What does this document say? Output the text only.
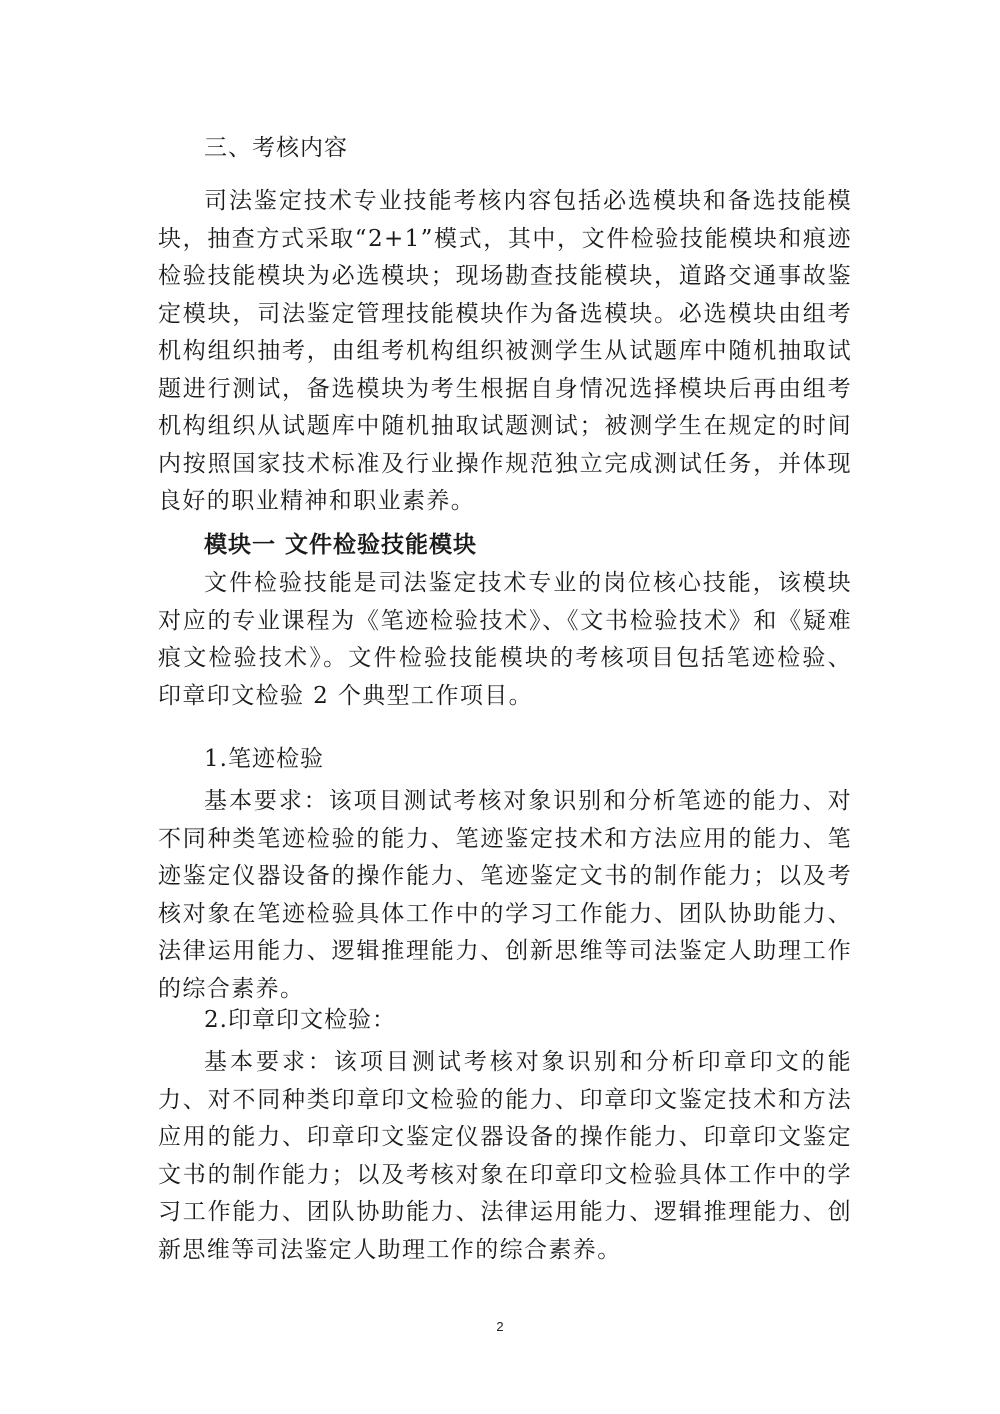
三、考核内容

司法鉴定技术专业技能考核内容包括必选模块和备选技能模块，抽查方式采取“2+1”模式，其中，文件检验技能模块和痕迹检验技能模块为必选模块；现场勘查技能模块，道路交通事故鉴定模块，司法鉴定管理技能模块作为备选模块。必选模块由组考机构组织抽考，由组考机构组织被测学生从试题库中随机抽取试题进行测试，备选模块为考生根据自身情况选择模块后再由组考机构组织从试题库中随机抽取试题测试；被测学生在规定的时间内按照国家技术标准及行业操作规范独立完成测试任务，并体现良好的职业精神和职业素养。

模块一 文件检验技能模块

文件检验技能是司法鉴定技术专业的岗位核心技能，该模块对应的专业课程为《笔迹检验技术》、《文书检验技术》和《疑难痕文检验技术》。文件检验技能模块的考核项目包括笔迹检验、印章印文检验 2 个典型工作项目。

1.笔迹检验

基本要求：该项目测试考核对象识别和分析笔迹的能力、对不同种类笔迹检验的能力、笔迹鉴定技术和方法应用的能力、笔迹鉴定仪器设备的操作能力、笔迹鉴定文书的制作能力；以及考核对象在笔迹检验具体工作中的学习工作能力、团队协助能力、法律运用能力、逻辑推理能力、创新思维等司法鉴定人助理工作的综合素养。

2.印章印文检验：

基本要求：该项目测试考核对象识别和分析印章印文的能力、对不同种类印章印文检验的能力、印章印文鉴定技术和方法应用的能力、印章印文鉴定仪器设备的操作能力、印章印文鉴定文书的制作能力；以及考核对象在印章印文检验具体工作中的学习工作能力、团队协助能力、法律运用能力、逻辑推理能力、创新思维等司法鉴定人助理工作的综合素养。

2
